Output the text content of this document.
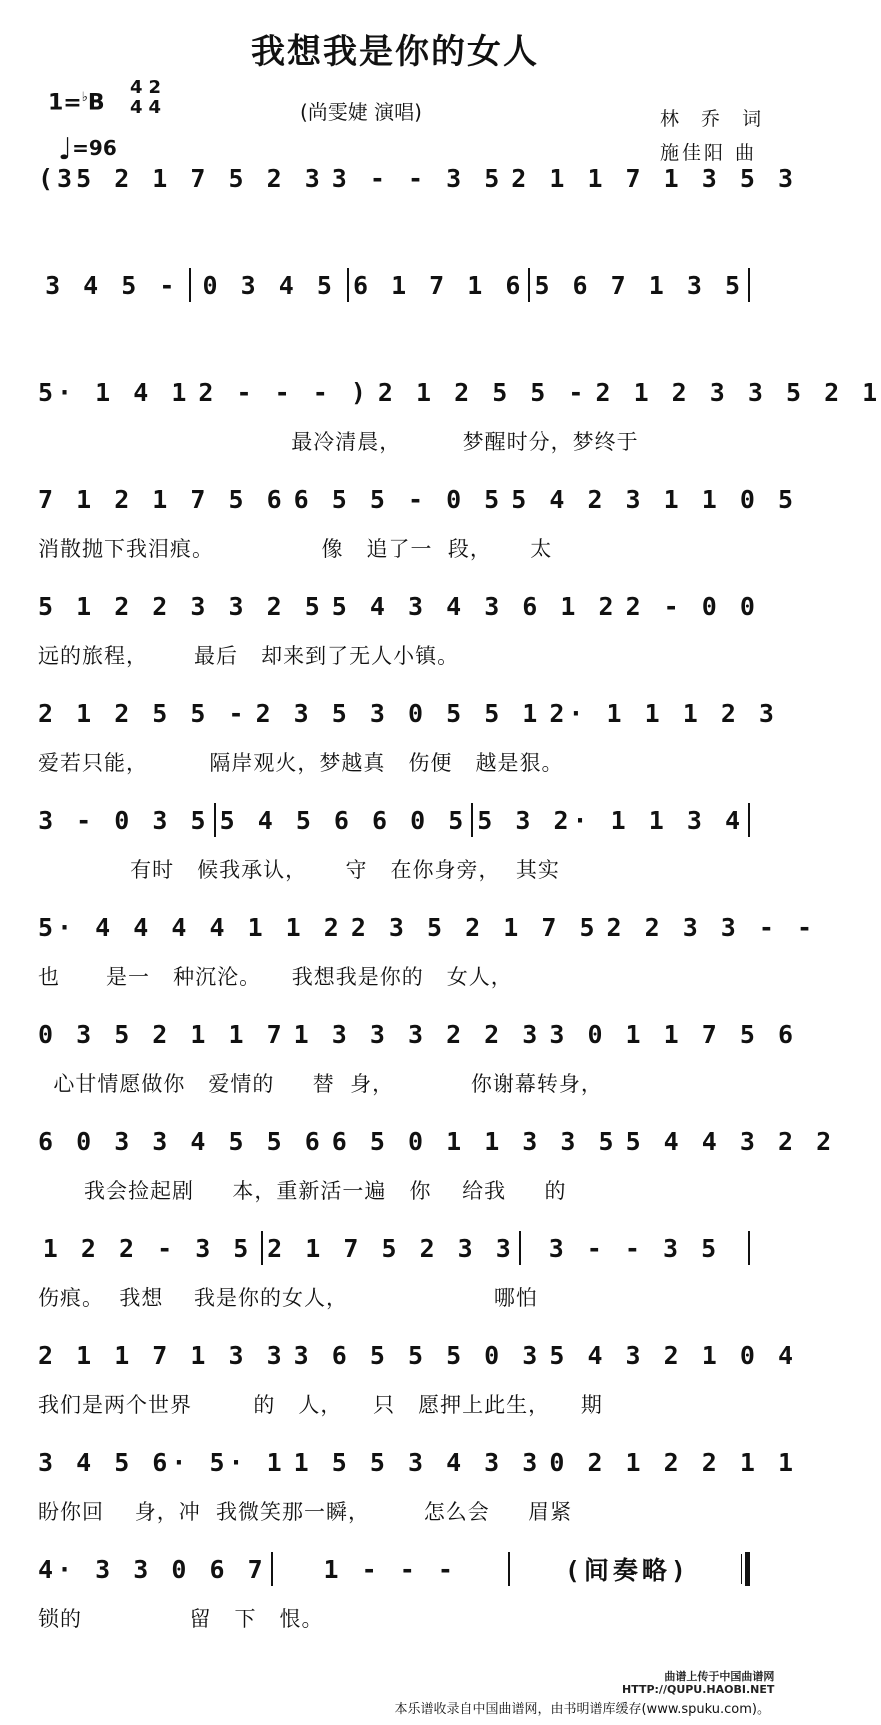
我想我是你的女人
1=♭B
4
4
2
4
♩=96
(尚雯婕 演唱)	林 乔 词
施佳阳 曲
(35 2 1 7 5 2 3 3 - - 3 5 2 1 1 7 1 3 5 3
3 4 5 - 0 3 4 5 6 1 7 1 6 5 6 7 1 3 5
5· 1 4 1 2 - - - ) 2 1 2 5 5 - 2 1 2 3 3 5 2 1
最冷清晨，        梦醒时分，梦终于
7 1 2 1 7 5 6 6 5 5 - 0 5 5 4 2 3 1 1 0 5
消散抛下我泪痕。              像   追了一  段，     太
5 1 2 2 3 3 2 5 5 4 3 4 3 6 1 2 2 - 0 0
远的旅程，      最后   却来到了无人小镇。
2 1 2 5 5 - 2 3 5 3 0 5 5 1 2· 1 1 1 2 3
爱若只能，        隔岸观火，梦越真   伤便   越是狠。
3 - 0 3 5 5 4 5 6 6 0 5 5 3 2· 1 1 3 4
有时   候我承认，     守   在你身旁，  其实
5· 4 4 4 4 1 1 2 2 3 5 2 1 7 5 2 2 3 3 - -
也      是一   种沉沦。    我想我是你的   女人，
0 3 5 2 1 1 7 1 3 3 3 2 2 3 3 0 1 1 7 5 6
心甘情愿做你   爱情的     替  身，          你谢幕转身，
6 0 3 3 4 5 5 6 6 5 0 1 1 3 3 5 5 4 4 3 2 2
我会捡起剧     本，重新活一遍   你    给我     的
1 2 2 - 3 5 2 1 7 5 2 3 3	3 - - 3 5
伤痕。  我想    我是你的女人，                   哪怕
2 1 1 7 1 3 3 3 6 5 5 5 0 3 5 4 3 2 1 0 4
我们是两个世界        的   人，    只   愿押上此生，    期
3 4 5 6· 5· 1 1 5 5 3 4 3 3 0 2 1 2 2 1 1
盼你回    身，冲  我微笑那一瞬，       怎么会     眉紧
4· 3 3 0 6 7	1 - - -	(间奏略)
锁的              留   下   恨。
曲谱上传于中国曲谱网
HTTP://QUPU.HAOBI.NET
本乐谱收录自中国曲谱网，由书明谱库缓存(www.spuku.com)。
